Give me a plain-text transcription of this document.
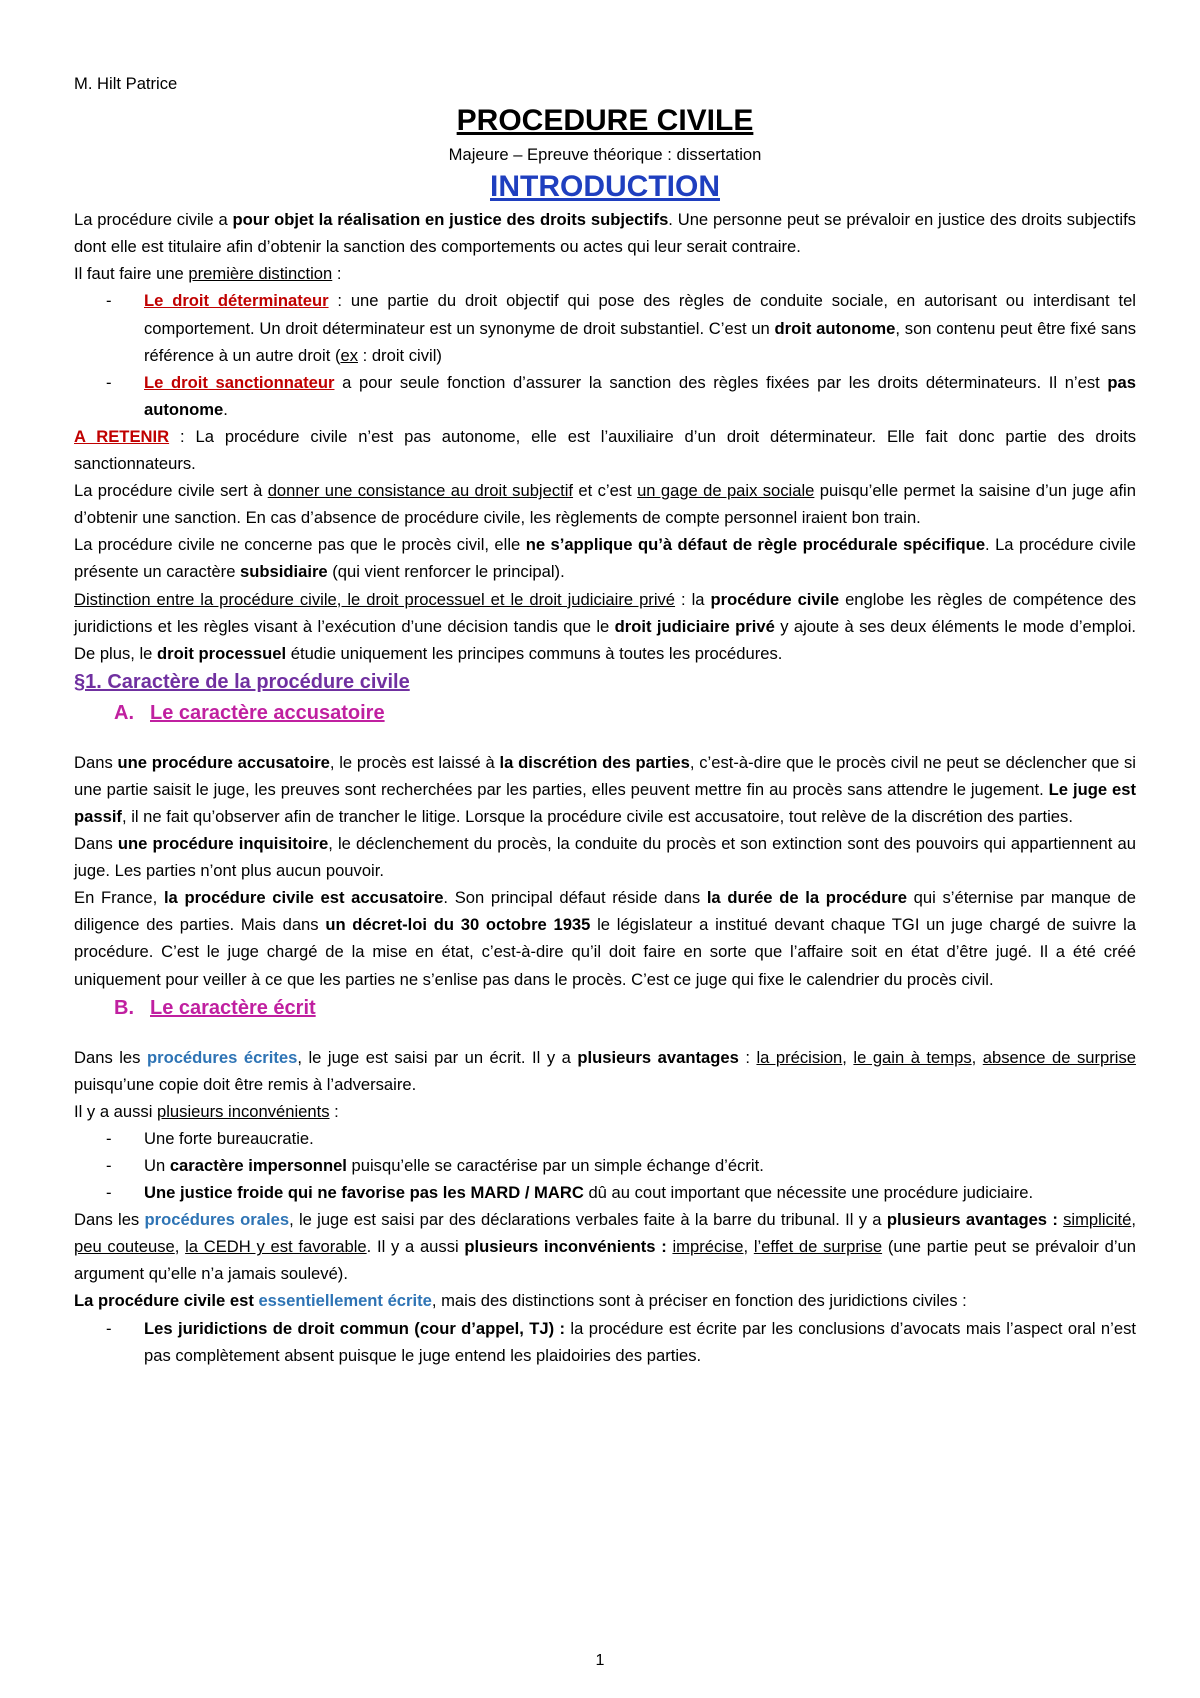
M. Hilt Patrice

PROCEDURE CIVILE

Majeure – Epreuve théorique : dissertation

INTRODUCTION

La procédure civile a pour objet la réalisation en justice des droits subjectifs. Une personne peut se prévaloir en justice des droits subjectifs dont elle est titulaire afin d’obtenir la sanction des comportements ou actes qui leur serait contraire.

Il faut faire une première distinction :

- Le droit déterminateur : une partie du droit objectif qui pose des règles de conduite sociale, en autorisant ou interdisant tel comportement. Un droit déterminateur est un synonyme de droit substantiel. C’est un droit autonome, son contenu peut être fixé sans référence à un autre droit (ex : droit civil)
- Le droit sanctionnateur a pour seule fonction d’assurer la sanction des règles fixées par les droits déterminateurs. Il n’est pas autonome.

A RETENIR : La procédure civile n’est pas autonome, elle est l’auxiliaire d’un droit déterminateur. Elle fait donc partie des droits sanctionnateurs.

La procédure civile sert à donner une consistance au droit subjectif et c’est un gage de paix sociale puisqu’elle permet la saisine d’un juge afin d’obtenir une sanction. En cas d’absence de procédure civile, les règlements de compte personnel iraient bon train.

La procédure civile ne concerne pas que le procès civil, elle ne s’applique qu’à défaut de règle procédurale spécifique. La procédure civile présente un caractère subsidiaire (qui vient renforcer le principal).

Distinction entre la procédure civile, le droit processuel et le droit judiciaire privé : la procédure civile englobe les règles de compétence des juridictions et les règles visant à l’exécution d’une décision tandis que le droit judiciaire privé y ajoute à ses deux éléments le mode d’emploi. De plus, le droit processuel étudie uniquement les principes communs à toutes les procédures.

§1. Caractère de la procédure civile
A. Le caractère accusatoire

Dans une procédure accusatoire, le procès est laissé à la discrétion des parties, c’est-à-dire que le procès civil ne peut se déclencher que si une partie saisit le juge, les preuves sont recherchées par les parties, elles peuvent mettre fin au procès sans attendre le jugement. Le juge est passif, il ne fait qu’observer afin de trancher le litige. Lorsque la procédure civile est accusatoire, tout relève de la discrétion des parties.

Dans une procédure inquisitoire, le déclenchement du procès, la conduite du procès et son extinction sont des pouvoirs qui appartiennent au juge. Les parties n’ont plus aucun pouvoir.

En France, la procédure civile est accusatoire. Son principal défaut réside dans la durée de la procédure qui s’éternise par manque de diligence des parties. Mais dans un décret-loi du 30 octobre 1935 le législateur a institué devant chaque TGI un juge chargé de suivre la procédure. C’est le juge chargé de la mise en état, c’est-à-dire qu’il doit faire en sorte que l’affaire soit en état d’être jugé. Il a été créé uniquement pour veiller à ce que les parties ne s’enlise pas dans le procès. C’est ce juge qui fixe le calendrier du procès civil.

B. Le caractère écrit

Dans les procédures écrites, le juge est saisi par un écrit. Il y a plusieurs avantages : la précision, le gain à temps, absence de surprise puisqu’une copie doit être remis à l’adversaire.

Il y a aussi plusieurs inconvénients :

- Une forte bureaucratie.
- Un caractère impersonnel puisqu’elle se caractérise par un simple échange d’écrit.
- Une justice froide qui ne favorise pas les MARD / MARC dû au cout important que nécessite une procédure judiciaire.

Dans les procédures orales, le juge est saisi par des déclarations verbales faite à la barre du tribunal. Il y a plusieurs avantages : simplicité, peu couteuse, la CEDH y est favorable. Il y a aussi plusieurs inconvénients : imprécise, l’effet de surprise (une partie peut se prévaloir d’un argument qu’elle n’a jamais soulevé).

La procédure civile est essentiellement écrite, mais des distinctions sont à préciser en fonction des juridictions civiles :

- Les juridictions de droit commun (cour d’appel, TJ) : la procédure est écrite par les conclusions d’avocats mais l’aspect oral n’est pas complètement absent puisque le juge entend les plaidoiries des parties.
1
